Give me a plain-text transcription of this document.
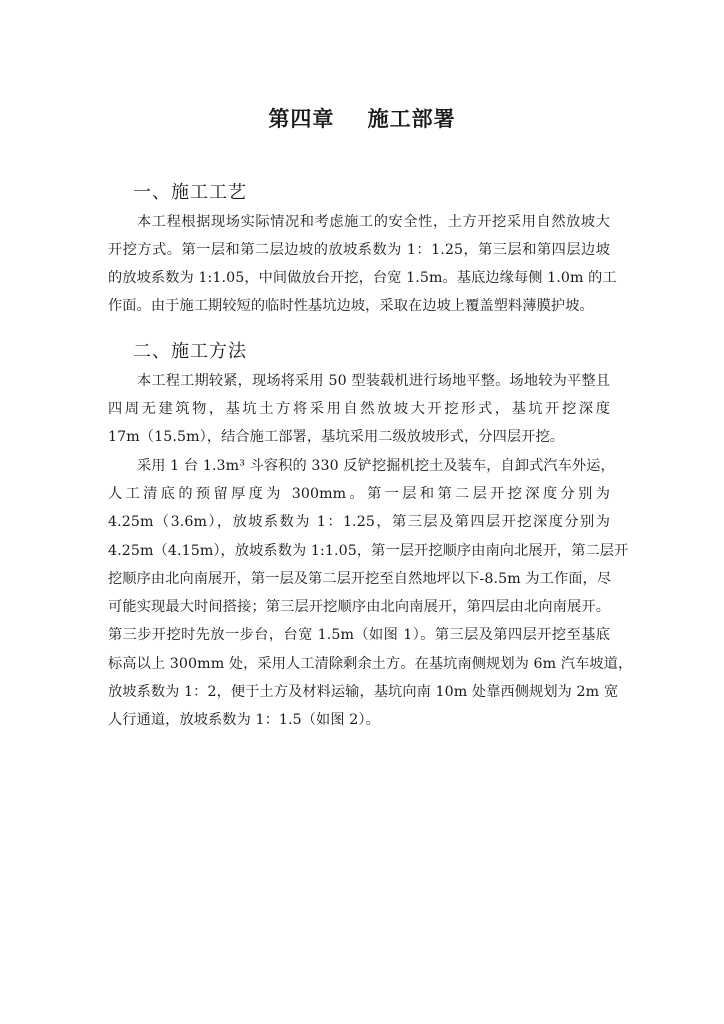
第四章    施工部署
一、施工工艺
本工程根据现场实际情况和考虑施工的安全性，土方开挖采用自然放坡大
开挖方式。第一层和第二层边坡的放坡系数为 1：1.25，第三层和第四层边坡
的放坡系数为 1:1.05，中间做放台开挖，台宽 1.5m。基底边缘每侧 1.0m 的工
作面。由于施工期较短的临时性基坑边坡，采取在边坡上覆盖塑料薄膜护坡。
二、施工方法
本工程工期较紧，现场将采用 50 型装载机进行场地平整。场地较为平整且
四周无建筑物，基坑土方将采用自然放坡大开挖形式，基坑开挖深度
17m（15.5m），结合施工部署，基坑采用二级放坡形式，分四层开挖。
采用 1 台 1.3m³ 斗容积的 330 反铲挖掘机挖土及装车，自卸式汽车外运，
人工清底的预留厚度为 300mm。第一层和第二层开挖深度分别为
4.25m（3.6m），放坡系数为 1：1.25，第三层及第四层开挖深度分别为
4.25m（4.15m），放坡系数为 1:1.05，第一层开挖顺序由南向北展开，第二层开
挖顺序由北向南展开，第一层及第二层开挖至自然地坪以下-8.5m 为工作面，尽
可能实现最大时间搭接；第三层开挖顺序由北向南展开，第四层由北向南展开。
第三步开挖时先放一步台，台宽 1.5m（如图 1）。第三层及第四层开挖至基底
标高以上 300mm 处，采用人工清除剩余土方。在基坑南侧规划为 6m 汽车坡道，
放坡系数为 1：2，便于土方及材料运输，基坑向南 10m 处靠西侧规划为 2m 宽
人行通道，放坡系数为 1：1.5（如图 2）。
